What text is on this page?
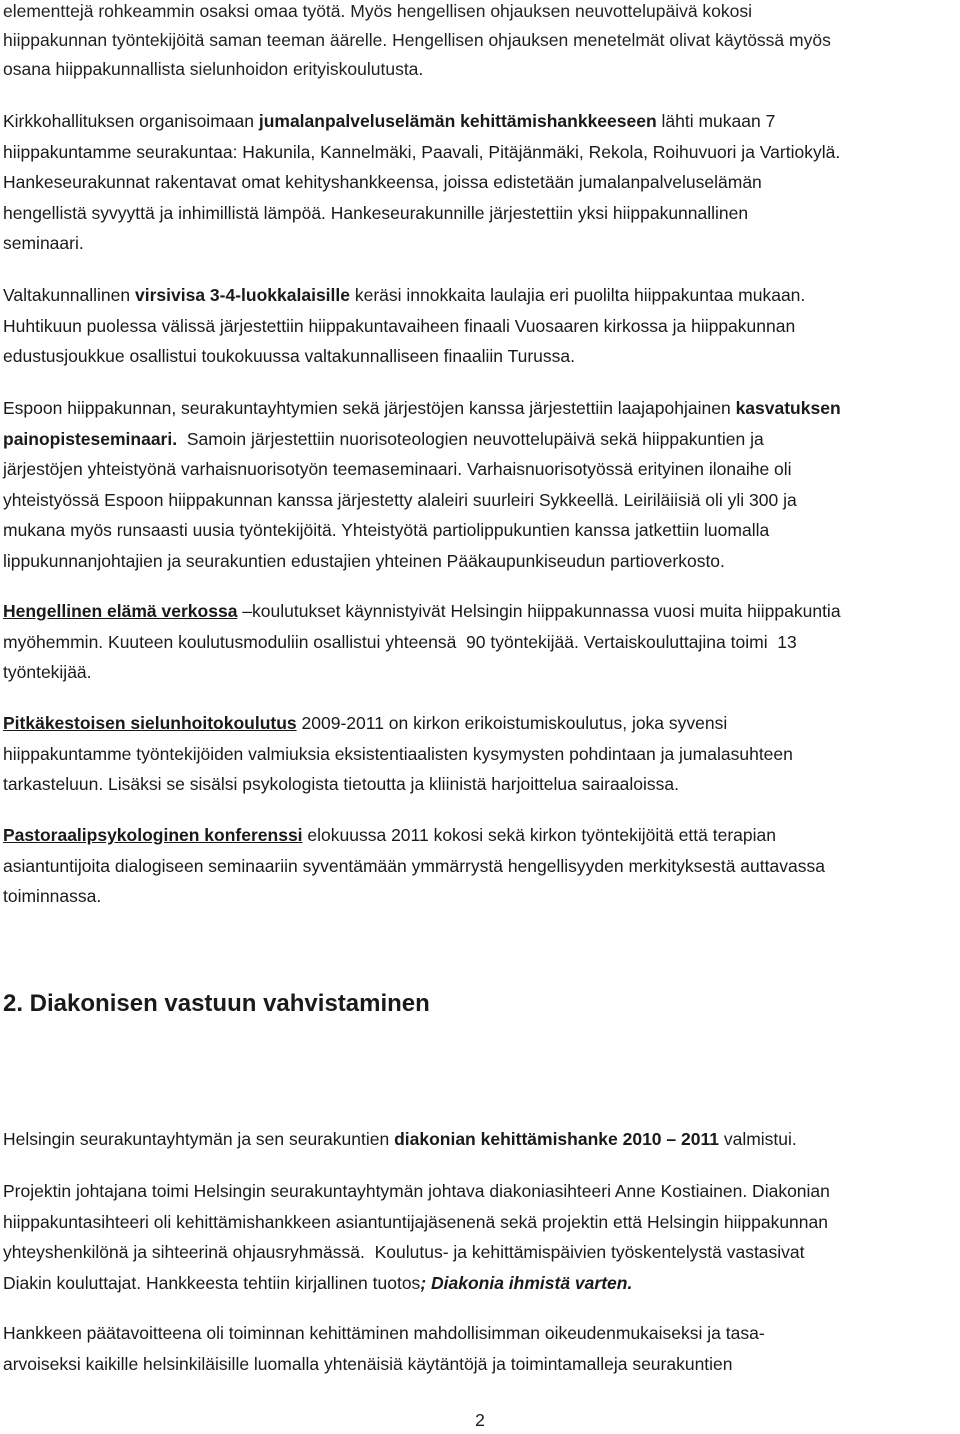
elementtejä rohkeammin osaksi omaa työtä. Myös hengellisen ohjauksen neuvottelupäivä kokosi
hiippakunnan työntekijöitä saman teeman äärelle. Hengellisen ohjauksen menetelmät olivat käytössä myös
osana hiippakunnallista sielunhoidon erityiskoulutusta.

Kirkkohallituksen organisoimaan jumalanpalveluselämän kehittämishankkeeseen lähti mukaan 7
hiippakuntamme seurakuntaa: Hakunila, Kannelmäki, Paavali, Pitäjänmäki, Rekola, Roihuvuori ja Vartiokylä.
Hankeseurakunnat rakentavat omat kehityshankkeensa, joissa edistetään jumalanpalveluselämän
hengellistä syvyyttä ja inhimillistä lämpöä. Hankeseurakunnille järjestettiin yksi hiippakunnallinen
seminaari.

Valtakunnallinen virsivisa 3-4-luokkalaisille keräsi innokkaita laulajia eri puolilta hiippakuntaa mukaan.
Huhtikuun puolessa välissä järjestettiin hiippakuntavaiheen finaali Vuosaaren kirkossa ja hiippakunnan
edustusjoukkue osallistui toukokuussa valtakunnalliseen finaaliin Turussa.

Espoon hiippakunnan, seurakuntayhtymien sekä järjestöjen kanssa järjestettiin laajapohjainen kasvatuksen
painopisteseminaari.  Samoin järjestettiin nuorisoteologien neuvottelupäivä sekä hiippakuntien ja
järjestöjen yhteistyönä varhaisnuorisotyön teemaseminaari. Varhaisnuorisotyössä erityinen ilonaihe oli
yhteistyössä Espoon hiippakunnan kanssa järjestetty alaleiri suurleiri Sykkeellä. Leiriläiisiä oli yli 300 ja
mukana myös runsaasti uusia työntekijöitä. Yhteistyötä partiolippukuntien kanssa jatkettiin luomalla
lippukunnanjohtajien ja seurakuntien edustajien yhteinen Pääkaupunkiseudun partioverkosto.

Hengellinen elämä verkossa –koulutukset käynnistyivät Helsingin hiippakunnassa vuosi muita hiippakuntia
myöhemmin. Kuuteen koulutusmoduliin osallistui yhteensä  90 työntekijää. Vertaiskouluttajina toimi  13
työntekijää.

Pitkäkestoisen sielunhoitokoulutus 2009-2011 on kirkon erikoistumiskoulutus, joka syvensi
hiippakuntamme työntekijöiden valmiuksia eksistentiaalisten kysymysten pohdintaan ja jumalasuhteen
tarkasteluun. Lisäksi se sisälsi psykologista tietoutta ja kliinistä harjoittelua sairaaloissa.

Pastoraalipsykologinen konferenssi elokuussa 2011 kokosi sekä kirkon työntekijöitä että terapian
asiantuntijoita dialogiseen seminaariin syventämään ymmärrystä hengellisyyden merkityksestä auttavassa
toiminnassa.

2. Diakonisen vastuun vahvistaminen

Helsingin seurakuntayhtymän ja sen seurakuntien diakonian kehittämishanke 2010 – 2011 valmistui.

Projektin johtajana toimi Helsingin seurakuntayhtymän johtava diakoniasihteeri Anne Kostiainen. Diakonian
hiippakuntasihteeri oli kehittämishankkeen asiantuntijajäsenenä sekä projektin että Helsingin hiippakunnan
yhteyshenkilönä ja sihteerinä ohjausryhmässä.  Koulutus- ja kehittämispäivien työskentelystä vastasivat
Diakin kouluttajat. Hankkeesta tehtiin kirjallinen tuotos; Diakonia ihmistä varten.

Hankkeen päätavoitteena oli toiminnan kehittäminen mahdollisimman oikeudenmukaiseksi ja tasa-
arvoiseksi kaikille helsinkiläisille luomalla yhtenäisiä käytäntöjä ja toimintamalleja seurakuntien

2
